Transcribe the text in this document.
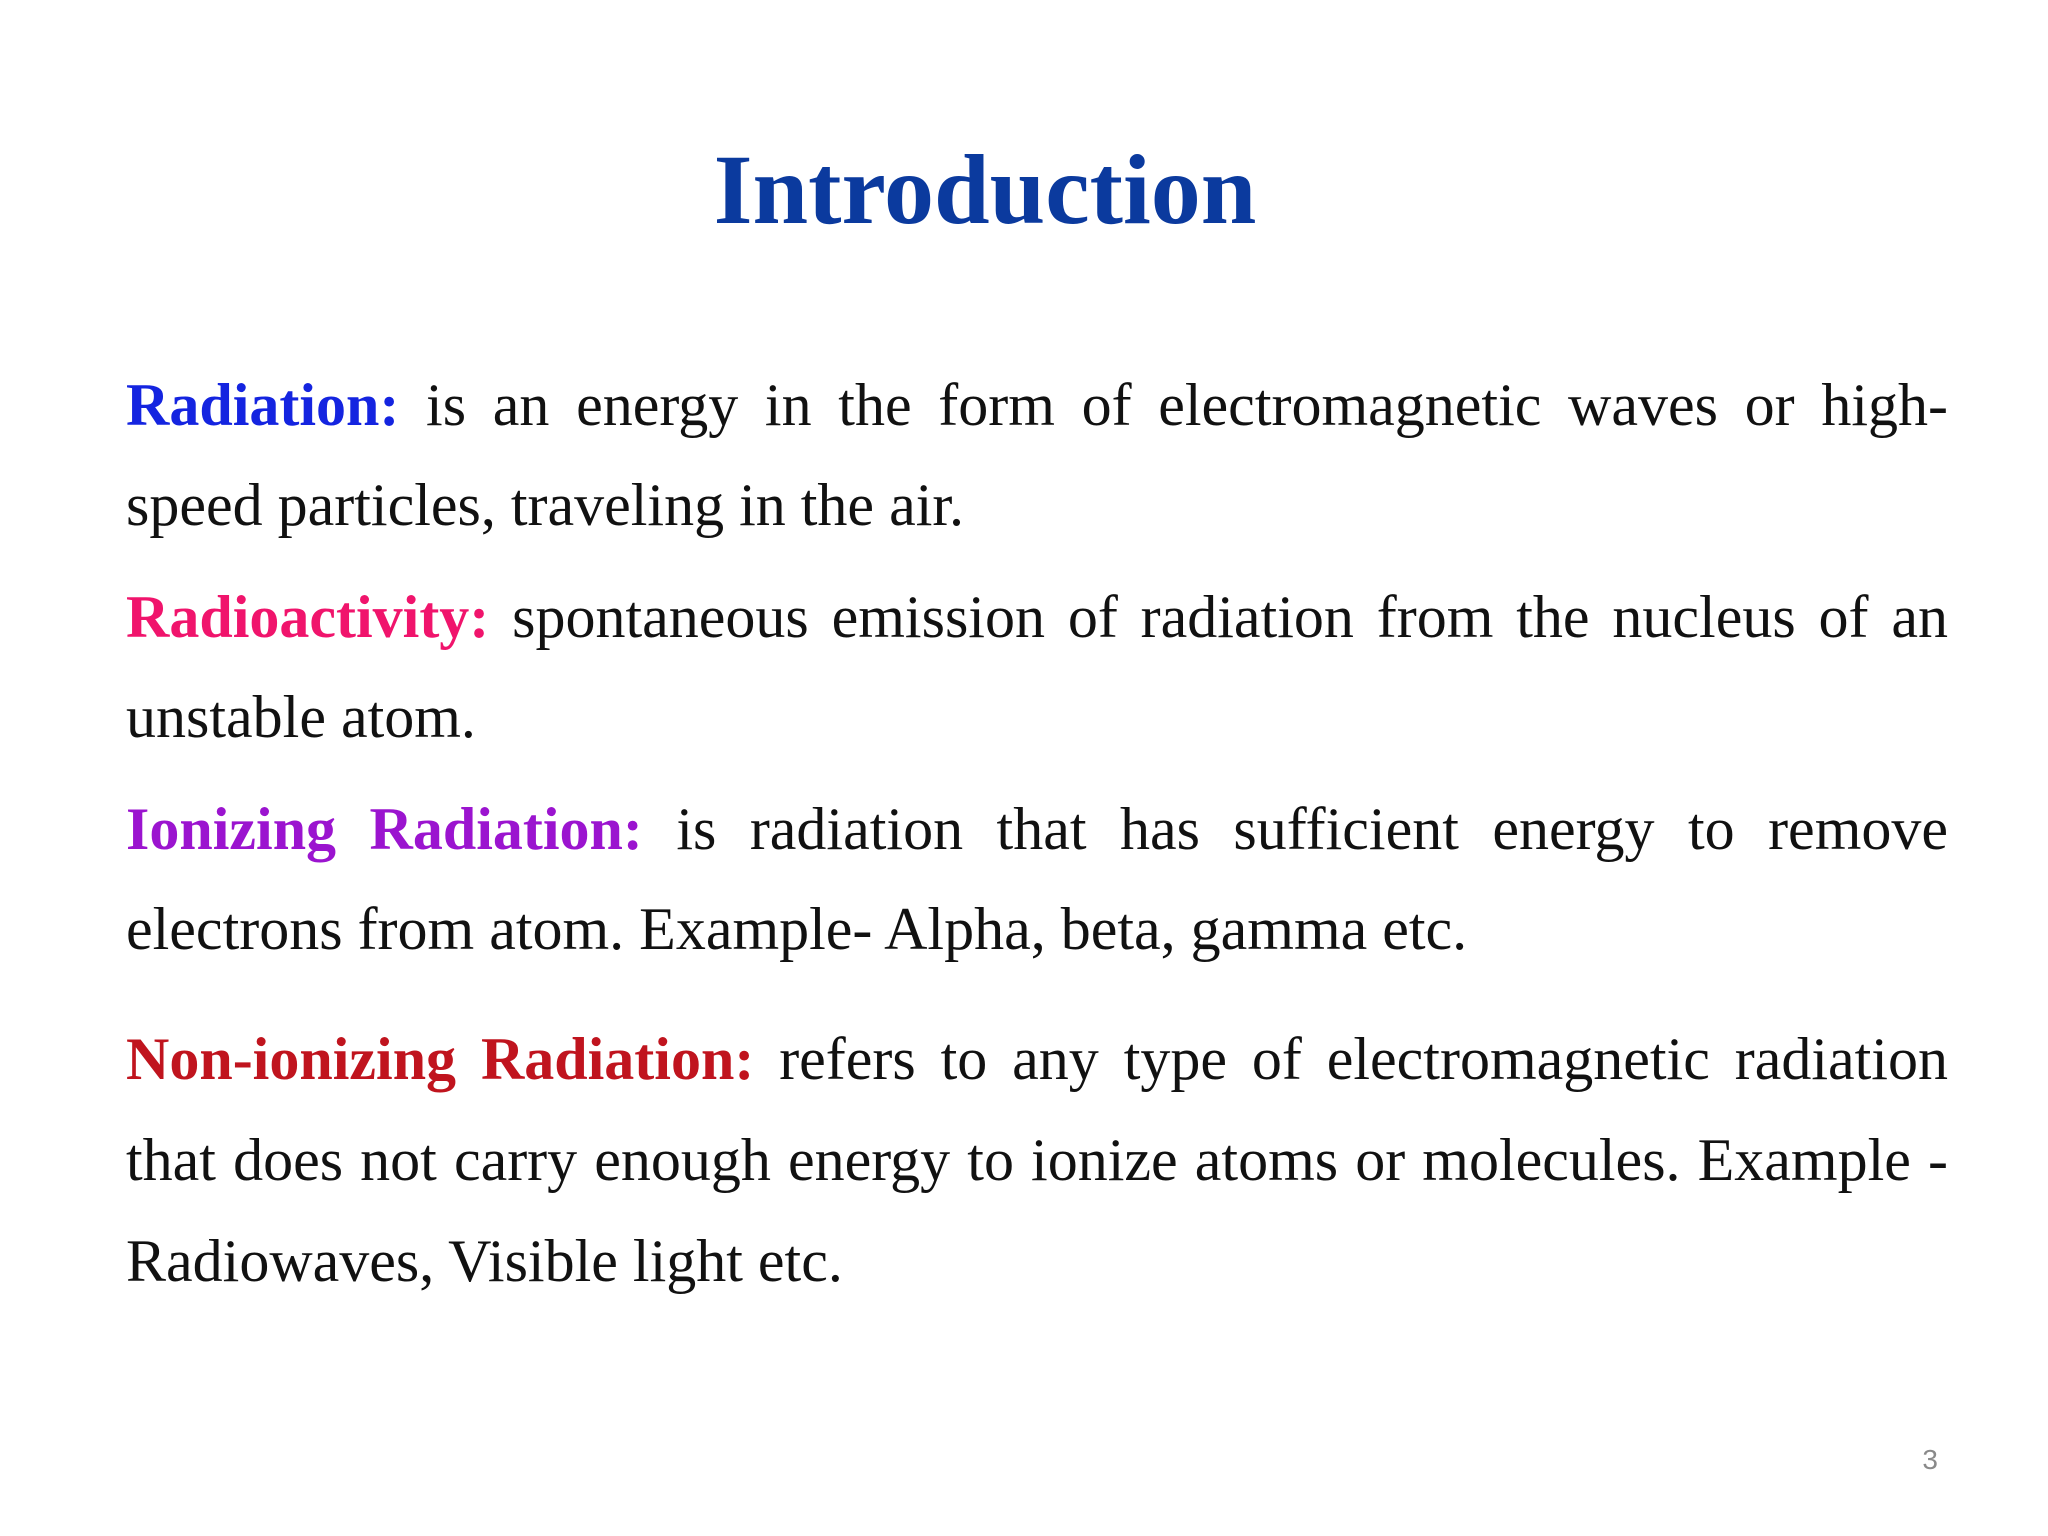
Introduction

Radiation: is an energy in the form of electromagnetic waves or high-speed particles, traveling in the air.

Radioactivity: spontaneous emission of radiation from the nucleus of an unstable atom.

Ionizing Radiation: is radiation that has sufficient energy to remove electrons from atom. Example- Alpha, beta, gamma etc.

Non-ionizing Radiation: refers to any type of electromagnetic radiation that does not carry enough energy to ionize atoms or molecules. Example - Radiowaves, Visible light etc.

3
